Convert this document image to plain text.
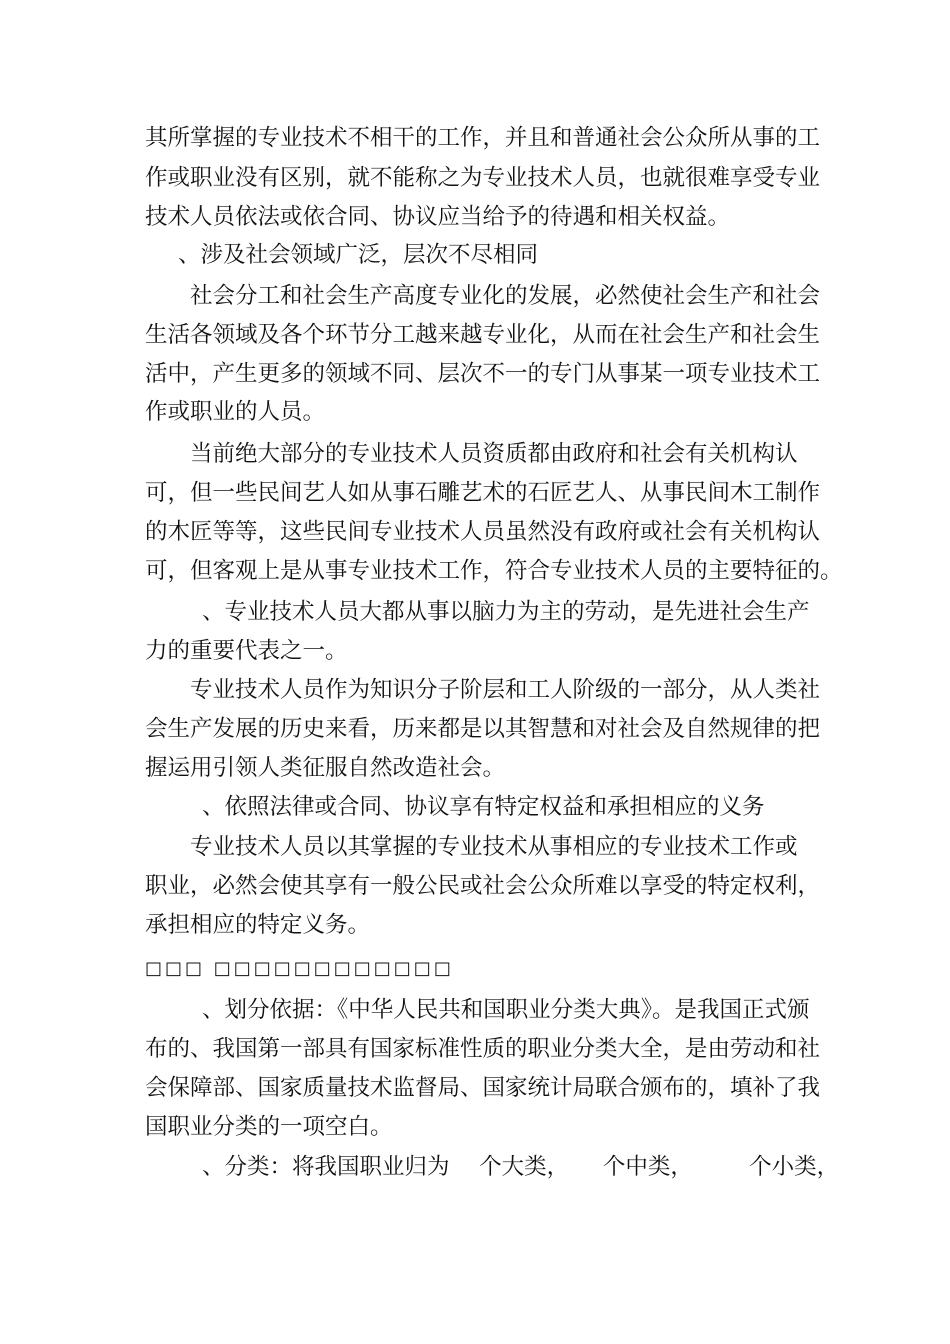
其所掌握的专业技术不相干的工作，并且和普通社会公众所从事的工
作或职业没有区别，就不能称之为专业技术人员，也就很难享受专业
技术人员依法或依合同、协议应当给予的待遇和相关权益。
、涉及社会领域广泛，层次不尽相同
社会分工和社会生产高度专业化的发展，必然使社会生产和社会
生活各领域及各个环节分工越来越专业化，从而在社会生产和社会生
活中，产生更多的领域不同、层次不一的专门从事某一项专业技术工
作或职业的人员。
当前绝大部分的专业技术人员资质都由政府和社会有关机构认
可，但一些民间艺人如从事石雕艺术的石匠艺人、从事民间木工制作
的木匠等等，这些民间专业技术人员虽然没有政府或社会有关机构认
可，但客观上是从事专业技术工作，符合专业技术人员的主要特征的。
、专业技术人员大都从事以脑力为主的劳动，是先进社会生产
力的重要代表之一。
专业技术人员作为知识分子阶层和工人阶级的一部分，从人类社
会生产发展的历史来看，历来都是以其智慧和对社会及自然规律的把
握运用引领人类征服自然改造社会。
、依照法律或合同、协议享有特定权益和承担相应的义务
专业技术人员以其掌握的专业技术从事相应的专业技术工作或
职业，必然会使其享有一般公民或社会公众所难以享受的特定权利，
承担相应的特定义务。
□□□ □□□□□□□□□□□□
、划分依据：《中华人民共和国职业分类大典》。是我国正式颁
布的、我国第一部具有国家标准性质的职业分类大全，是由劳动和社
会保障部、国家质量技术监督局、国家统计局联合颁布的，填补了我
国职业分类的一项空白。
、分类：将我国职业归为　 个大类，　　个中类，　　　个小类，
